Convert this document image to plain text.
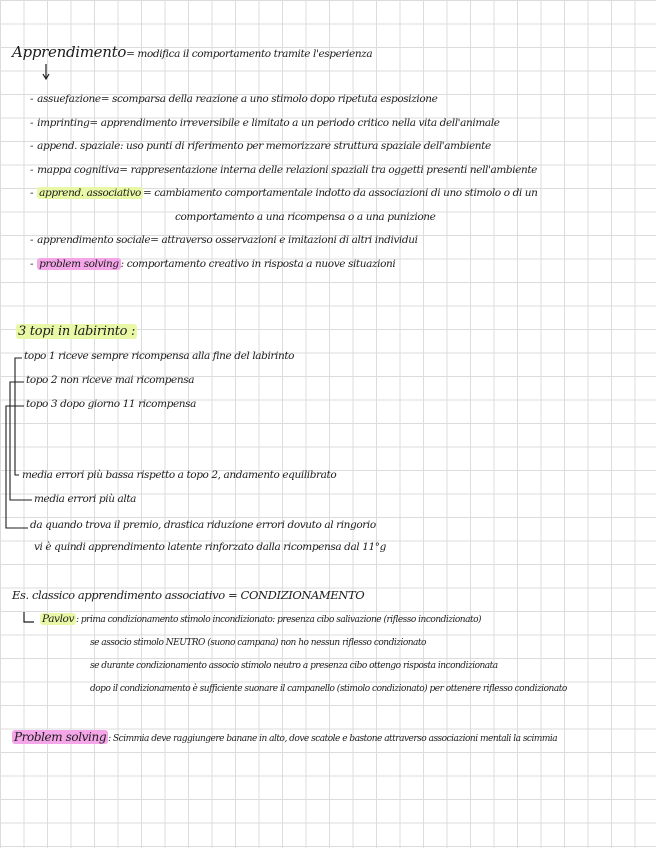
Apprendimento= modifica il comportamento tramite l'esperienza
- assuefazione= scomparsa della reazione a uno stimolo dopo ripetuta esposizione
- imprinting= apprendimento irreversibile e limitato a un periodo critico nella vita dell'animale
- append. spaziale: uso punti di riferimento per memorizzare struttura spaziale dell'ambiente
- mappa cognitiva= rappresentazione interna delle relazioni spaziali tra oggetti presenti nell'ambiente
- apprend. associativo = cambiamento comportamentale indotto da associazioni di uno stimolo o di un
comportamento a una ricompensa o a una punizione
- apprendimento sociale= attraverso osservazioni e imitazioni di altri individui
- problem solving : comportamento creativo in risposta a nuove situazioni
3 topi in labirinto :
topo 1 riceve sempre ricompensa alla fine del labirinto
topo 2 non riceve mai ricompensa
topo 3 dopo giorno 11 ricompensa
media errori più bassa rispetto a topo 2, andamento equilibrato
media errori più alta
da quando trova il premio, drastica riduzione errori dovuto al ringorio
vi è quindi apprendimento latente rinforzato dalla ricompensa dal 11°g
Es. classico apprendimento associativo = CONDIZIONAMENTO
Pavlov : prima condizionamento stimolo incondizionato: presenza cibo salivazione (riflesso incondizionato)
se associo stimolo NEUTRO (suono campana) non ho nessun riflesso condizionato
se durante condizionamento associo stimolo neutro a presenza cibo ottengo risposta incondizionata
dopo il condizionamento è sufficiente suonare il campanello (stimolo condizionato) per ottenere riflesso condizionato
Problem solving : Scimmia deve raggiungere banane in alto, dove scatole e bastone attraverso associazioni mentali la scimmia
